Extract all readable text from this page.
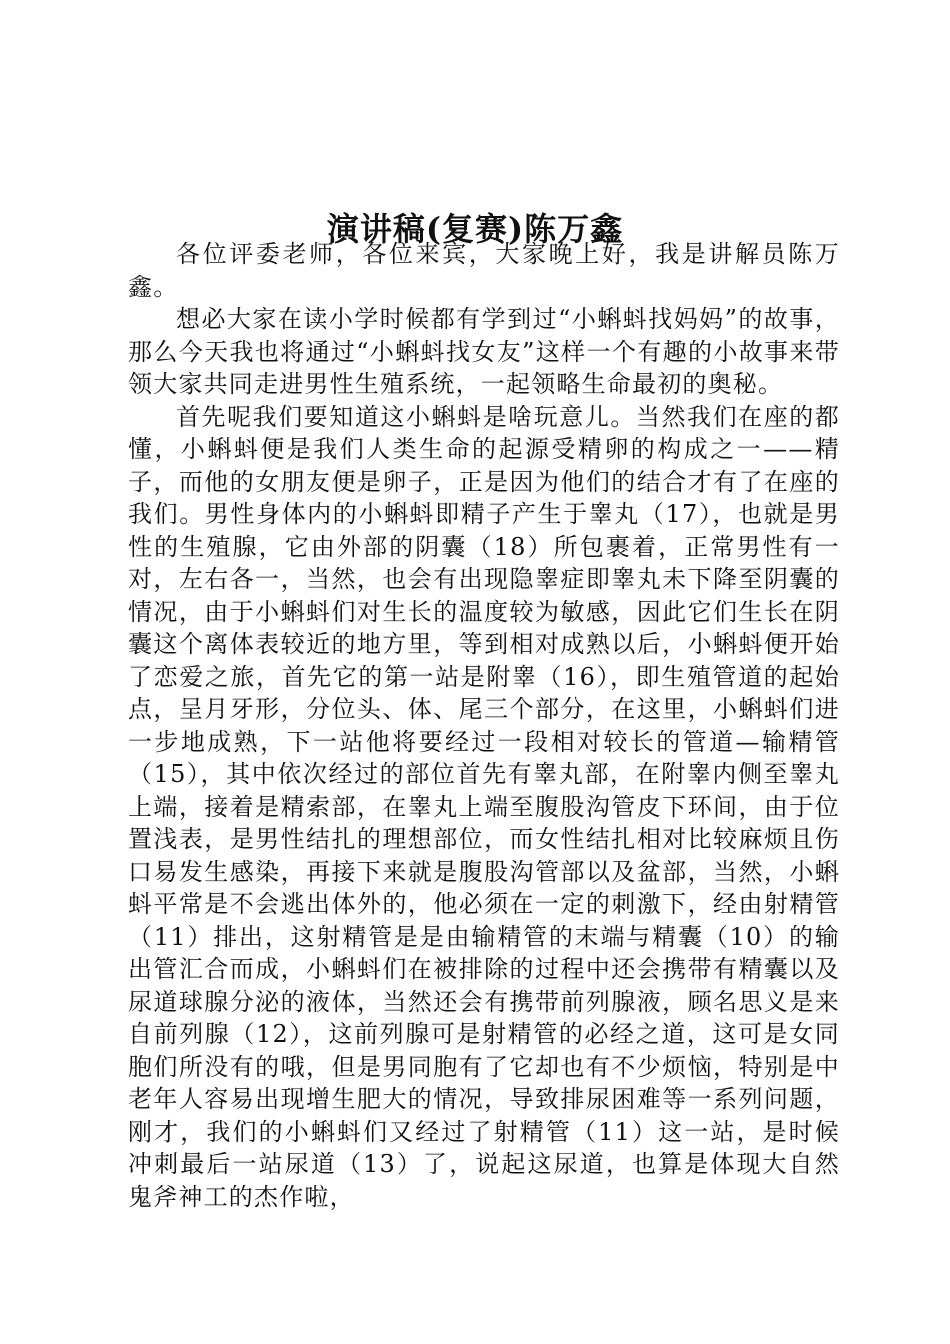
演讲稿(复赛)陈万鑫

各位评委老师，各位来宾，大家晚上好，我是讲解员陈万鑫。

想必大家在读小学时候都有学到过“小蝌蚪找妈妈”的故事，那么今天我也将通过“小蝌蚪找女友”这样一个有趣的小故事来带领大家共同走进男性生殖系统，一起领略生命最初的奥秘。

首先呢我们要知道这小蝌蚪是啥玩意儿。当然我们在座的都懂，小蝌蚪便是我们人类生命的起源受精卵的构成之一——精子，而他的女朋友便是卵子，正是因为他们的结合才有了在座的我们。男性身体内的小蝌蚪即精子产生于睾丸（17），也就是男性的生殖腺，它由外部的阴囊（18）所包裹着，正常男性有一对，左右各一，当然，也会有出现隐睾症即睾丸未下降至阴囊的情况，由于小蝌蚪们对生长的温度较为敏感，因此它们生长在阴囊这个离体表较近的地方里，等到相对成熟以后，小蝌蚪便开始了恋爱之旅，首先它的第一站是附睾（16），即生殖管道的起始点，呈月牙形，分位头、体、尾三个部分，在这里，小蝌蚪们进一步地成熟，下一站他将要经过一段相对较长的管道—输精管（15），其中依次经过的部位首先有睾丸部，在附睾内侧至睾丸上端，接着是精索部，在睾丸上端至腹股沟管皮下环间，由于位置浅表，是男性结扎的理想部位，而女性结扎相对比较麻烦且伤口易发生感染，再接下来就是腹股沟管部以及盆部，当然，小蝌蚪平常是不会逃出体外的，他必须在一定的刺激下，经由射精管（11）排出，这射精管是是由输精管的末端与精囊（10）的输出管汇合而成，小蝌蚪们在被排除的过程中还会携带有精囊以及尿道球腺分泌的液体，当然还会有携带前列腺液，顾名思义是来自前列腺（12），这前列腺可是射精管的必经之道，这可是女同胞们所没有的哦，但是男同胞有了它却也有不少烦恼，特别是中老年人容易出现增生肥大的情况，导致排尿困难等一系列问题，刚才，我们的小蝌蚪们又经过了射精管（11）这一站，是时候冲刺最后一站尿道（13）了，说起这尿道，也算是体现大自然鬼斧神工的杰作啦，
